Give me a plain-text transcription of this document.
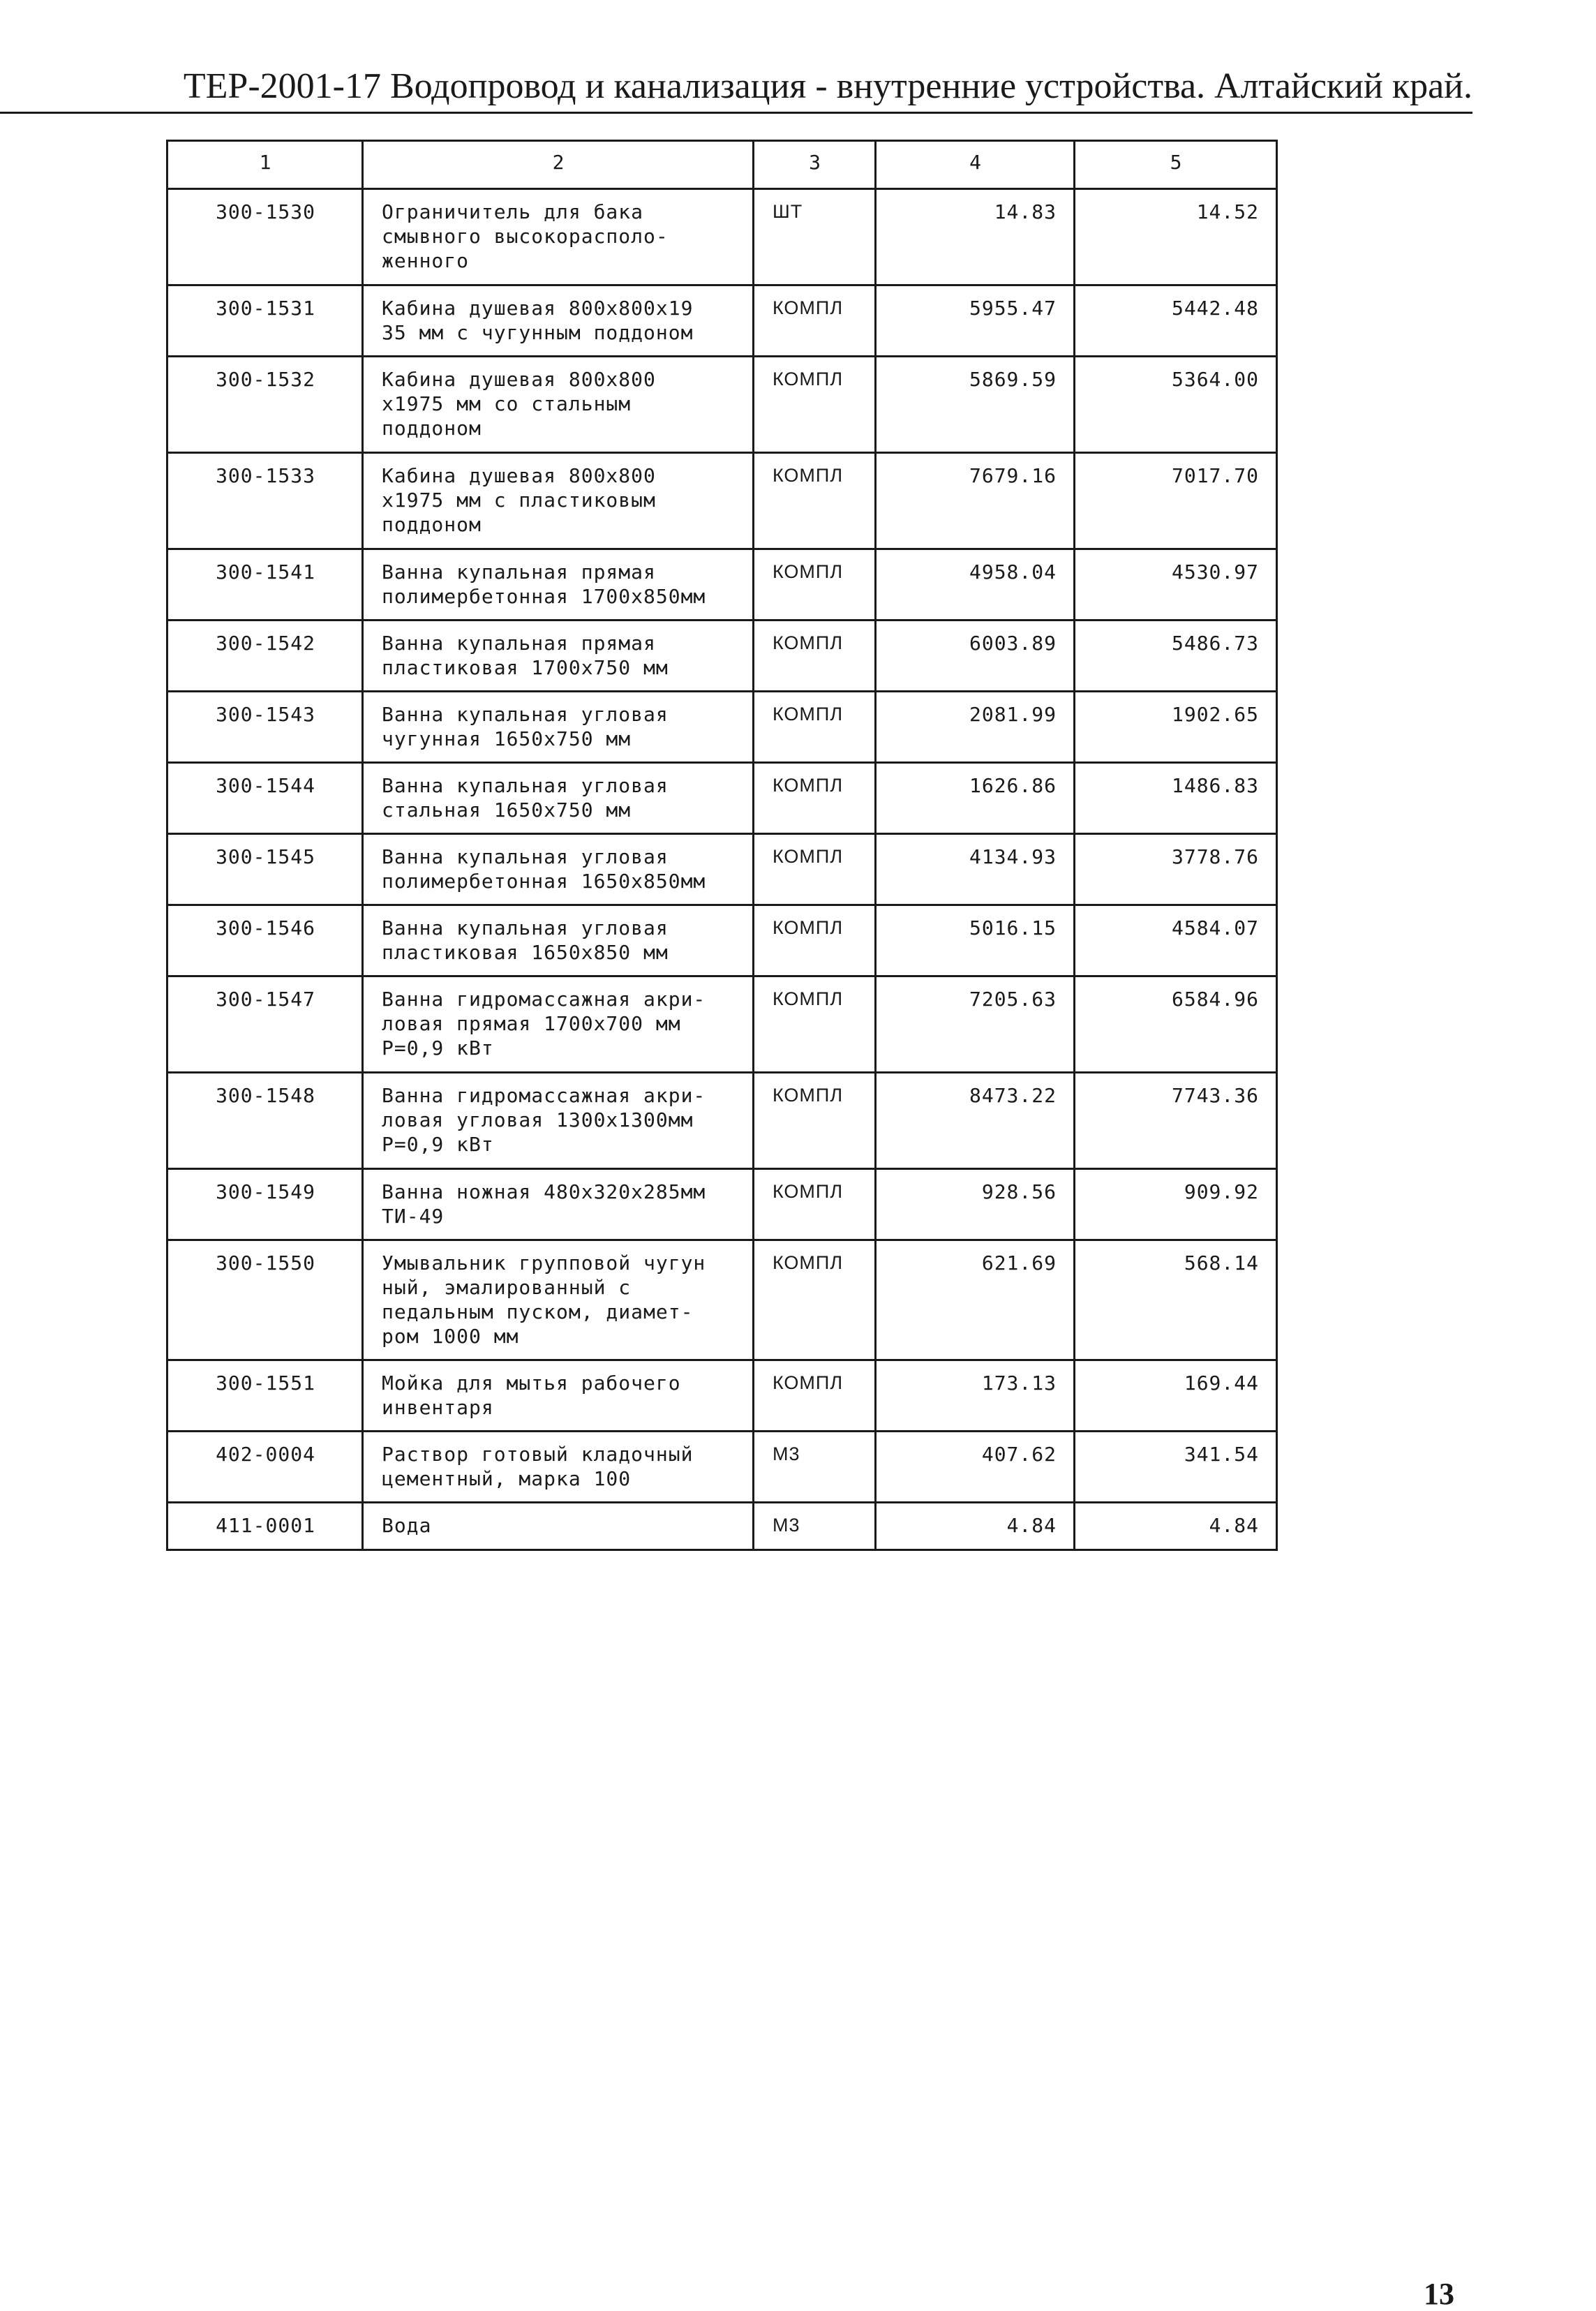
ТЕР-2001-17 Водопровод и канализация - внутренние устройства. Алтайский край.
1	2	3	4	5
300-1530	Ограничитель для бака
смывного высокорасполо-
женного	ШТ	14.83	14.52
300-1531	Кабина душевая 800x800x19
35 мм с чугунным поддоном	КОМПЛ	5955.47	5442.48
300-1532	Кабина душевая 800x800
x1975 мм со стальным
поддоном	КОМПЛ	5869.59	5364.00
300-1533	Кабина душевая 800x800
x1975 мм с пластиковым
поддоном	КОМПЛ	7679.16	7017.70
300-1541	Ванна купальная прямая
полимербетонная 1700x850мм	КОМПЛ	4958.04	4530.97
300-1542	Ванна купальная прямая
пластиковая 1700x750 мм	КОМПЛ	6003.89	5486.73
300-1543	Ванна купальная угловая
чугунная 1650x750 мм	КОМПЛ	2081.99	1902.65
300-1544	Ванна купальная угловая
стальная 1650x750 мм	КОМПЛ	1626.86	1486.83
300-1545	Ванна купальная угловая
полимербетонная 1650x850мм	КОМПЛ	4134.93	3778.76
300-1546	Ванна купальная угловая
пластиковая 1650x850 мм	КОМПЛ	5016.15	4584.07
300-1547	Ванна гидромассажная акри-
ловая прямая 1700x700 мм
P=0,9 кВт	КОМПЛ	7205.63	6584.96
300-1548	Ванна гидромассажная акри-
ловая угловая 1300x1300мм
P=0,9 кВт	КОМПЛ	8473.22	7743.36
300-1549	Ванна ножная 480x320x285мм
ТИ-49	КОМПЛ	928.56	909.92
300-1550	Умывальник групповой чугун
ный, эмалированный с
педальным пуском, диамет-
ром 1000 мм	КОМПЛ	621.69	568.14
300-1551	Мойка для мытья рабочего
инвентаря	КОМПЛ	173.13	169.44
402-0004	Раствор готовый кладочный
цементный, марка 100	М3	407.62	341.54
411-0001	Вода	М3	4.84	4.84
13
